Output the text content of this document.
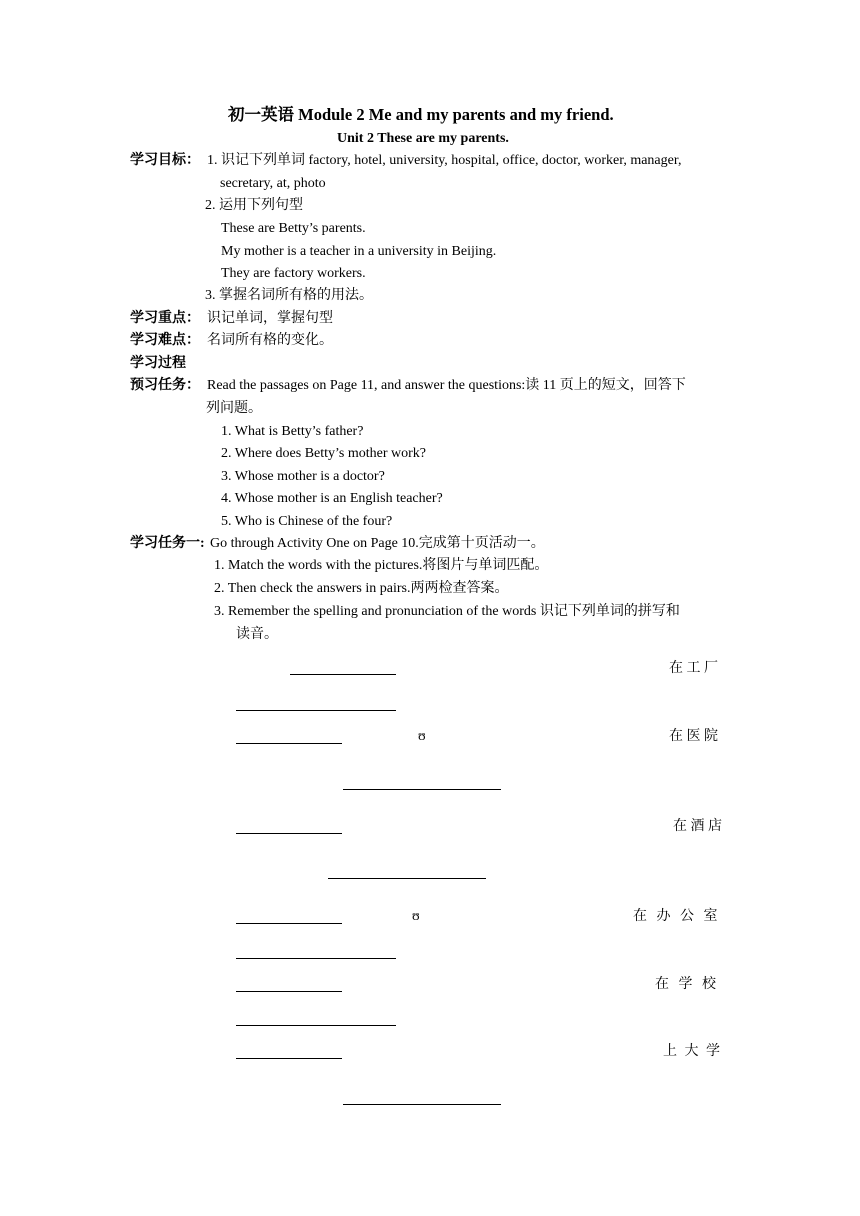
初一英语 Module 2 Me and my parents and my friend.
Unit 2 These are my parents.
学习目标： 1. 识记下列单词 factory, hotel, university, hospital, office, doctor, worker, manager,
secretary, at, photo
2. 运用下列句型
These are Betty’s parents.
My mother is a teacher in a university in Beijing.
They are factory workers.
3. 掌握名词所有格的用法。
学习重点： 识记单词，掌握句型
学习难点： 名词所有格的变化。
学习过程
预习任务： Read the passages on Page 11, and answer the questions:读 11 页上的短文，回答下
列问题。
1. What is Betty’s father?
2. Where does Betty’s mother work?
3. Whose mother is a doctor?
4. Whose mother is an English teacher?
5. Who is Chinese of the four?
学习任务一: Go through Activity One on Page 10.完成第十页活动一。
1. Match the words with the pictures.将图片与单词匹配。
2. Then check the answers in pairs.两两检查答案。
3. Remember the spelling and pronunciation of the words 识记下列单词的拼写和
读音。
在 工 厂
ʊ	在 医 院
在 酒 店
ʊ	在 办 公 室
在 学 校
上 大 学
